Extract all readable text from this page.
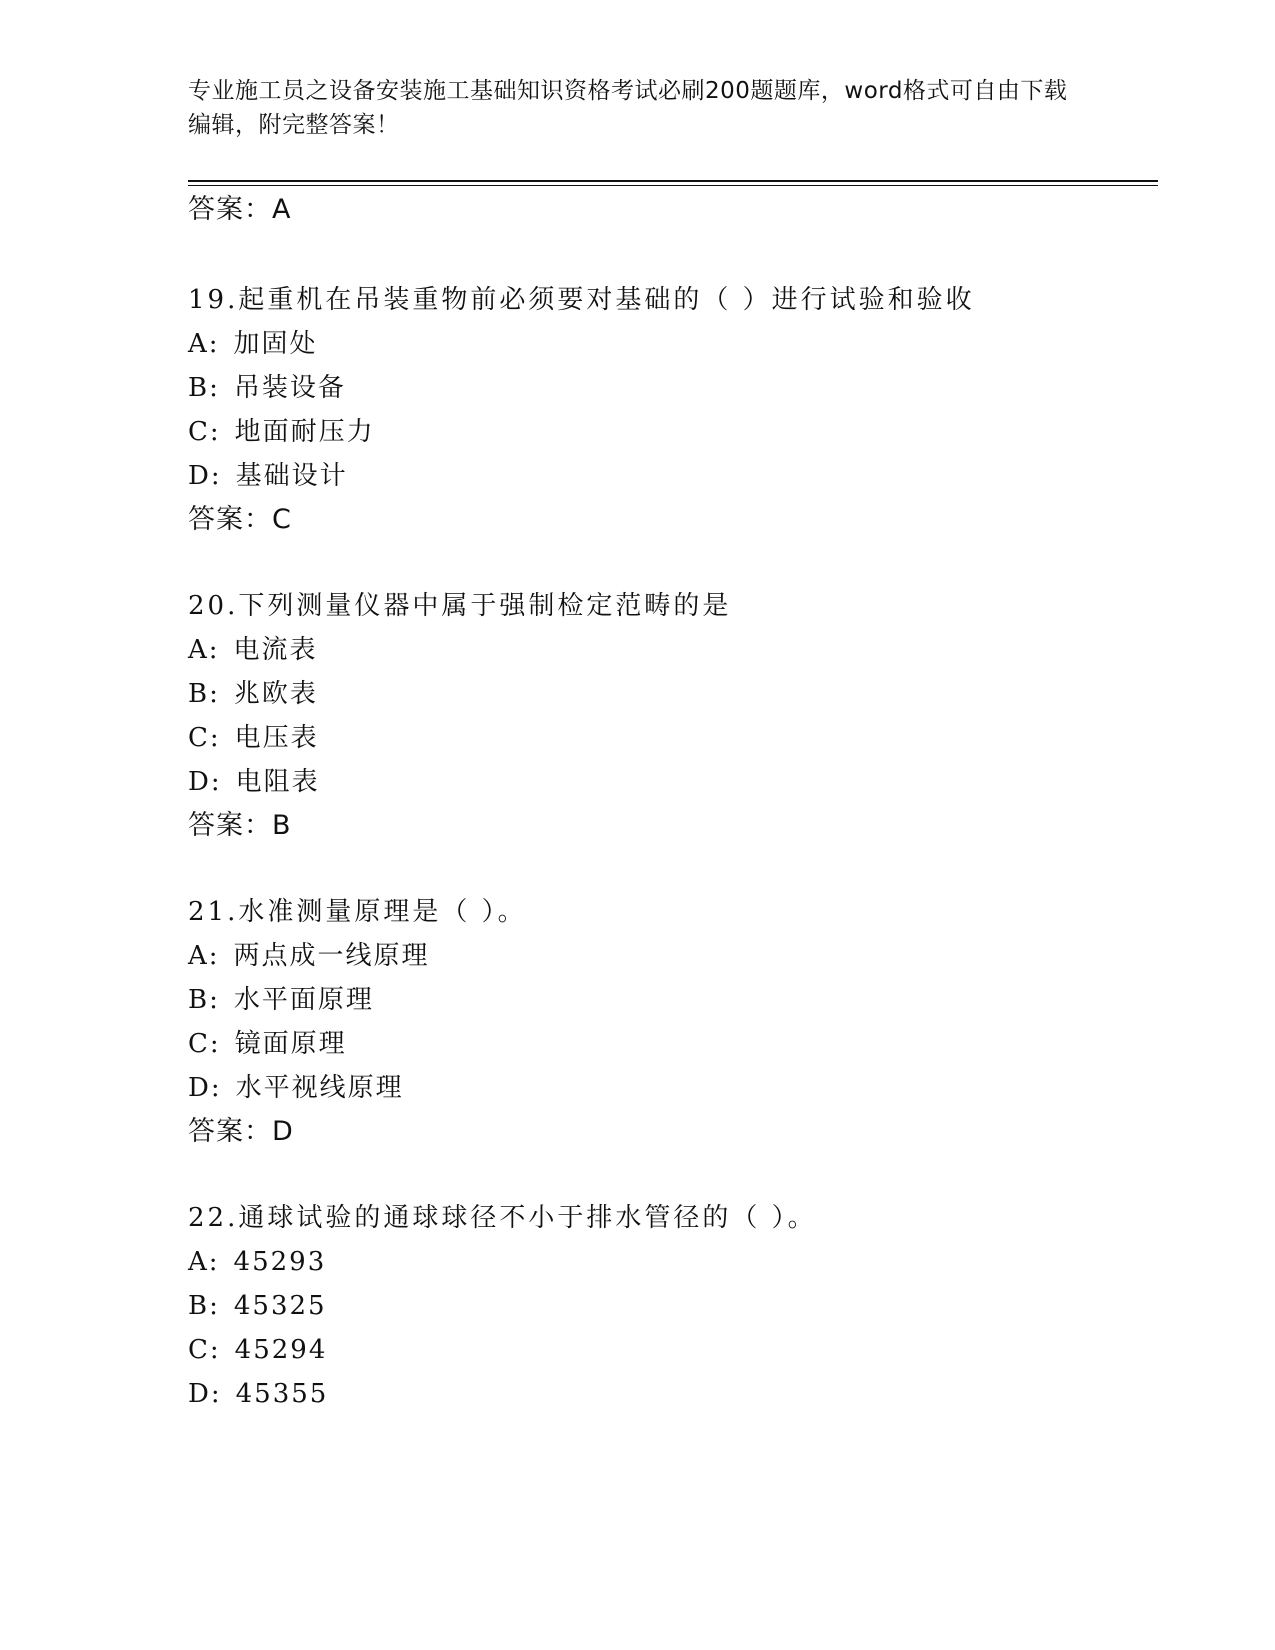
专业施工员之设备安装施工基础知识资格考试必刷200题题库，word格式可自由下载编辑，附完整答案！

答案：A

19.起重机在吊装重物前必须要对基础的（ ）进行试验和验收

A: 加固处

B: 吊装设备

C: 地面耐压力

D: 基础设计

答案：C

20.下列测量仪器中属于强制检定范畴的是

A: 电流表

B: 兆欧表

C: 电压表

D: 电阻表

答案：B

21.水准测量原理是（ ）。

A: 两点成一线原理

B: 水平面原理

C: 镜面原理

D: 水平视线原理

答案：D

22.通球试验的通球球径不小于排水管径的（ ）。

A: 45293

B: 45325

C: 45294

D: 45355
